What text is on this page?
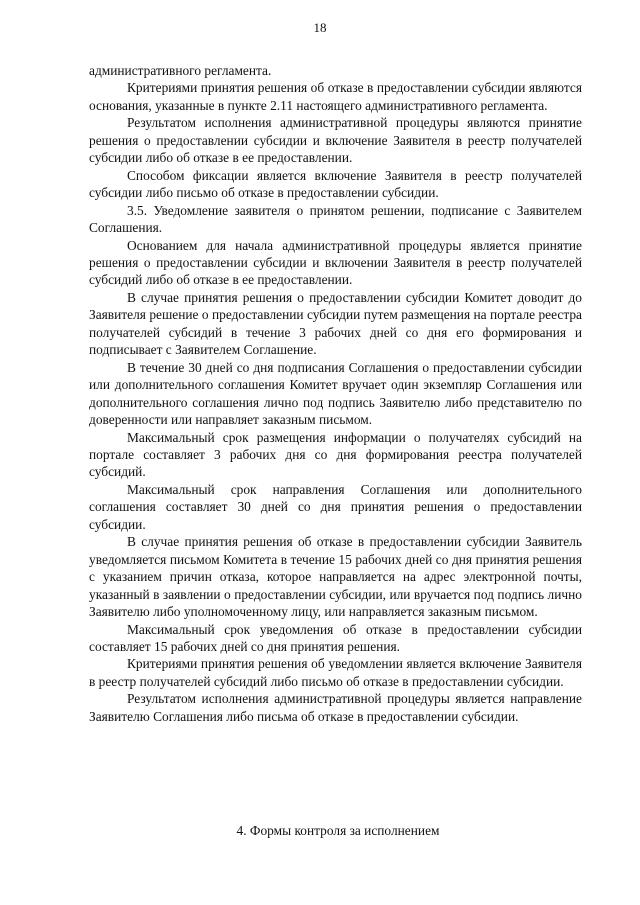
18

административного регламента.

Критериями принятия решения об отказе в предоставлении субсидии являются основания, указанные в пункте 2.11 настоящего административного регламента.

Результатом исполнения административной процедуры являются принятие решения о предоставлении субсидии и включение Заявителя в реестр получателей субсидии либо об отказе в ее предоставлении.

Способом фиксации является включение Заявителя в реестр получателей субсидии либо письмо об отказе в предоставлении субсидии.

3.5. Уведомление заявителя о принятом решении, подписание с Заявителем Соглашения.

Основанием для начала административной процедуры является принятие решения о предоставлении субсидии и включении Заявителя в реестр получателей субсидий либо об отказе в ее предоставлении.

В случае принятия решения о предоставлении субсидии Комитет доводит до Заявителя решение о предоставлении субсидии путем размещения на портале реестра получателей субсидий в течение 3 рабочих дней со дня его формирования и подписывает с Заявителем Соглашение.

В течение 30 дней со дня подписания Соглашения о предоставлении субсидии или дополнительного соглашения Комитет вручает один экземпляр Соглашения или дополнительного соглашения лично под подпись Заявителю либо представителю по доверенности или направляет заказным письмом.

Максимальный срок размещения информации о получателях субсидий на портале составляет 3 рабочих дня со дня формирования реестра получателей субсидий.

Максимальный срок направления Соглашения или дополнительного соглашения составляет 30 дней со дня принятия решения о предоставлении субсидии.

В случае принятия решения об отказе в предоставлении субсидии Заявитель уведомляется письмом Комитета в течение 15 рабочих дней со дня принятия решения с указанием причин отказа, которое направляется на адрес электронной почты, указанный в заявлении о предоставлении субсидии, или вручается под подпись лично Заявителю либо уполномоченному лицу, или направляется заказным письмом.

Максимальный срок уведомления об отказе в предоставлении субсидии составляет 15 рабочих дней со дня принятия решения.

Критериями принятия решения об уведомлении является включение Заявителя в реестр получателей субсидий либо письмо об отказе в предоставлении субсидии.

Результатом исполнения административной процедуры является направление Заявителю Соглашения либо письма об отказе в предоставлении субсидии.

4. Формы контроля за исполнением
